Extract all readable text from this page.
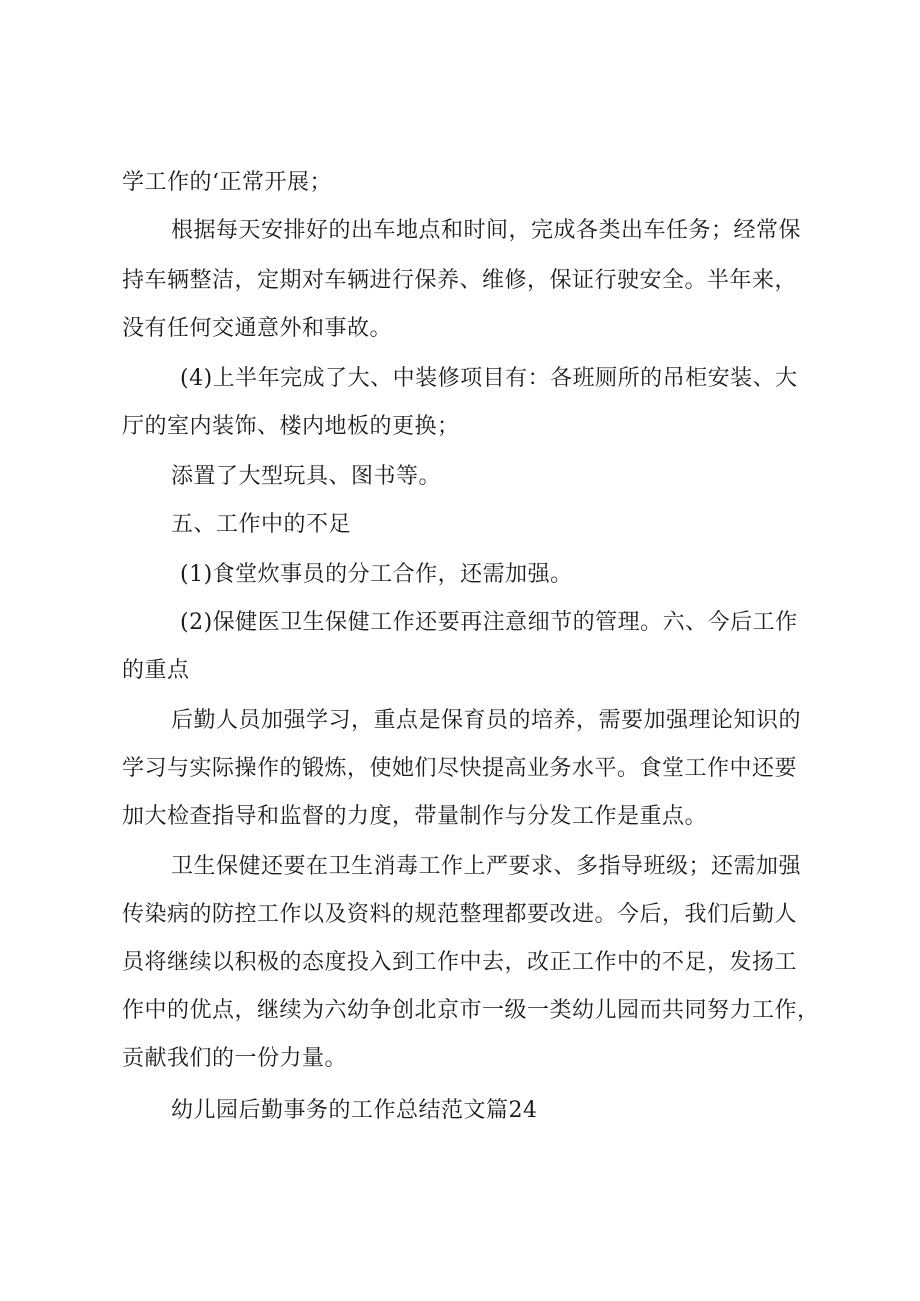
学工作的‘正常开展；
根据每天安排好的出车地点和时间，完成各类出车任务；经常保
持车辆整洁，定期对车辆进行保养、维修，保证行驶安全。半年来，
没有任何交通意外和事故。
(4)上半年完成了大、中装修项目有：各班厕所的吊柜安装、大
厅的室内装饰、楼内地板的更换；
添置了大型玩具、图书等。
五、工作中的不足
(1)食堂炊事员的分工合作，还需加强。
(2)保健医卫生保健工作还要再注意细节的管理。六、今后工作
的重点
后勤人员加强学习，重点是保育员的培养，需要加强理论知识的
学习与实际操作的锻炼，使她们尽快提高业务水平。食堂工作中还要
加大检查指导和监督的力度，带量制作与分发工作是重点。
卫生保健还要在卫生消毒工作上严要求、多指导班级；还需加强
传染病的防控工作以及资料的规范整理都要改进。今后，我们后勤人
员将继续以积极的态度投入到工作中去，改正工作中的不足，发扬工
作中的优点，继续为六幼争创北京市一级一类幼儿园而共同努力工作，
贡献我们的一份力量。
幼儿园后勤事务的工作总结范文篇24
